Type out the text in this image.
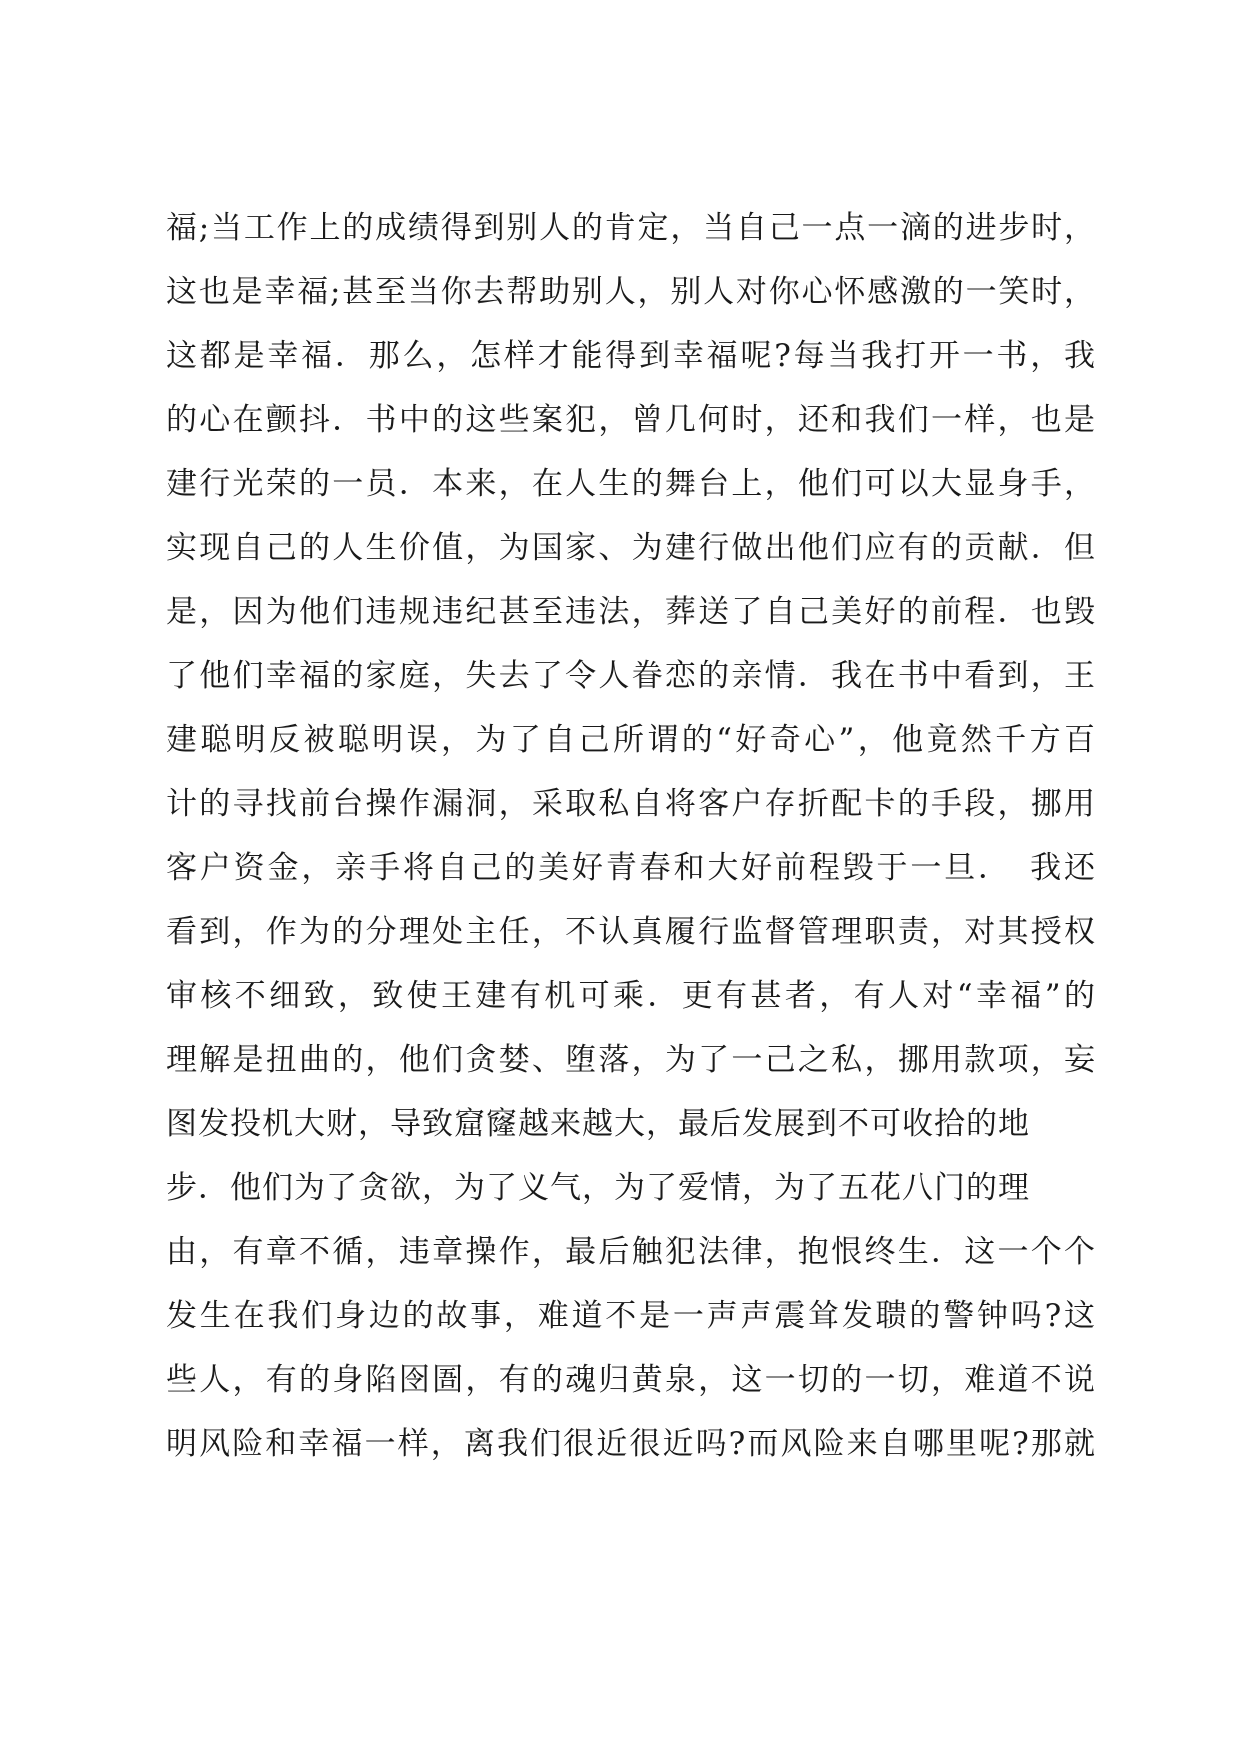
福;当工作上的成绩得到别人的肯定，当自己一点一滴的进步时，
这也是幸福;甚至当你去帮助别人，别人对你心怀感激的一笑时，
这都是幸福．那么，怎样才能得到幸福呢?每当我打开一书，我
的心在颤抖．书中的这些案犯，曾几何时，还和我们一样，也是
建行光荣的一员．本来，在人生的舞台上，他们可以大显身手，
实现自己的人生价值，为国家、为建行做出他们应有的贡献．但
是，因为他们违规违纪甚至违法，葬送了自己美好的前程．也毁
了他们幸福的家庭，失去了令人眷恋的亲情．我在书中看到，王
建聪明反被聪明误，为了自己所谓的“好奇心”，他竟然千方百
计的寻找前台操作漏洞，采取私自将客户存折配卡的手段，挪用
客户资金，亲手将自己的美好青春和大好前程毁于一旦．　我还
看到，作为的分理处主任，不认真履行监督管理职责，对其授权
审核不细致，致使王建有机可乘．更有甚者，有人对“幸福”的
理解是扭曲的，他们贪婪、堕落，为了一己之私，挪用款项，妄
图发投机大财，导致窟窿越来越大，最后发展到不可收拾的地
步．他们为了贪欲，为了义气，为了爱情，为了五花八门的理
由，有章不循，违章操作，最后触犯法律，抱恨终生．这一个个
发生在我们身边的故事，难道不是一声声震耸发聩的警钟吗?这
些人，有的身陷囹圄，有的魂归黄泉，这一切的一切，难道不说
明风险和幸福一样，离我们很近很近吗?而风险来自哪里呢?那就
